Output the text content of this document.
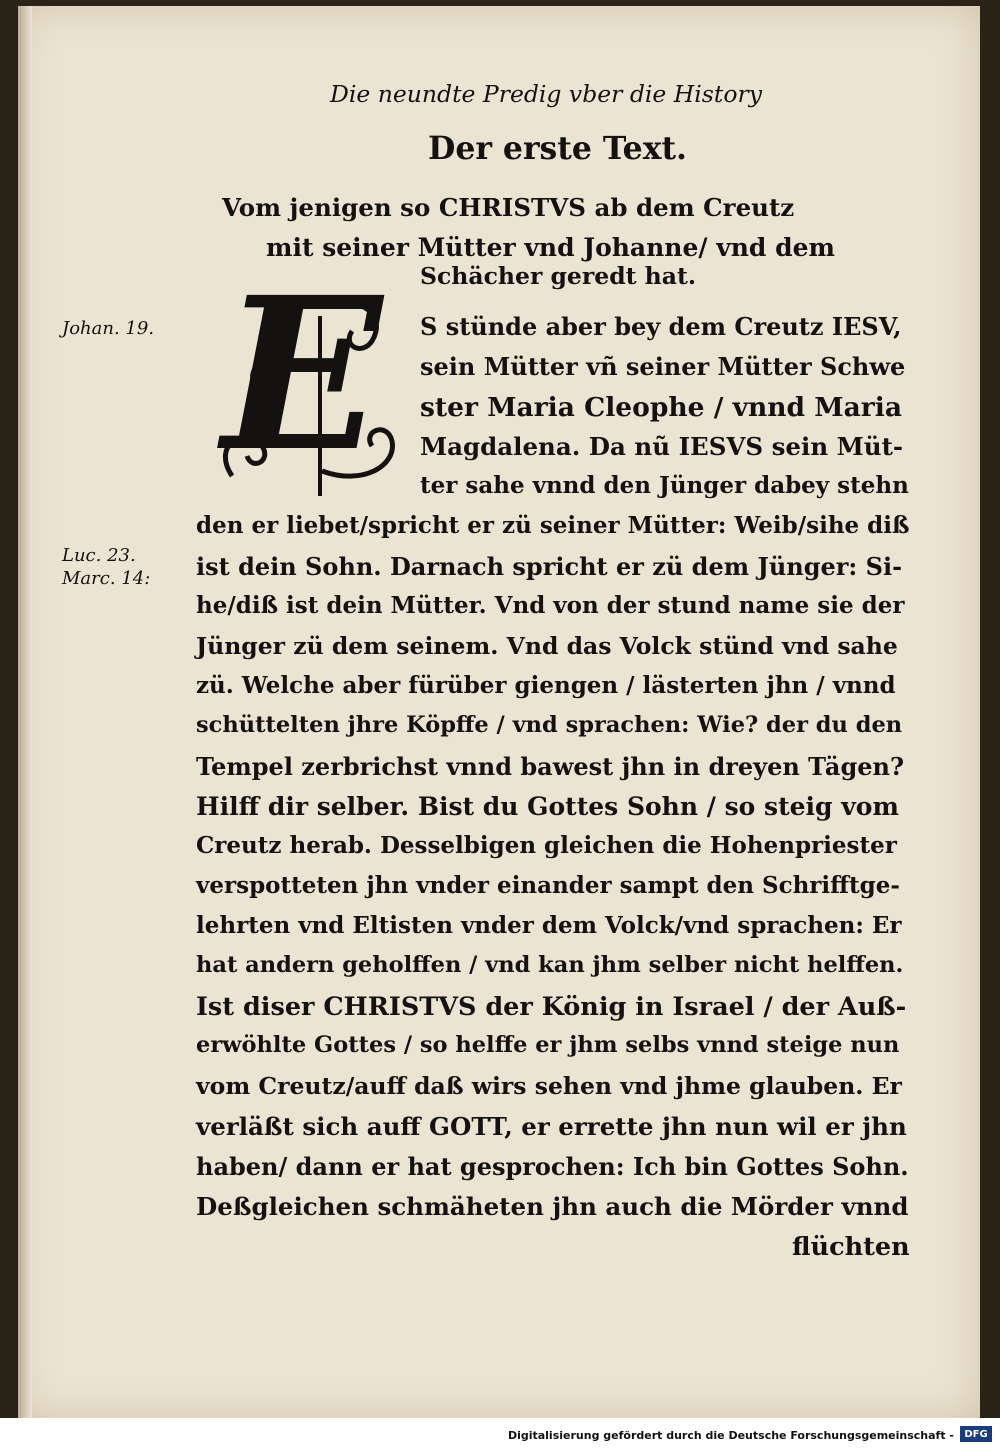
Die neundte Predig vber die History
Der erste Text.
Vom jenigen so CHRISTVS ab dem Creutz
mit seiner Mütter vnd Johanne/ vnd dem
Schächer geredt hat.
Johan. 19.
Luc. 23.
Marc. 14:
E S stünde aber bey dem Creutz IESV,
sein Mütter vñ seiner Mütter Schwe
ster Maria Cleophe / vnnd Maria
Magdalena. Da nũ IESVS sein Müt-
ter sahe vnnd den Jünger dabey stehn
den er liebet/spricht er zü seiner Mütter: Weib/sihe diß
ist dein Sohn. Darnach spricht er zü dem Jünger: Si-
he/diß ist dein Mütter. Vnd von der stund name sie der
Jünger zü dem seinem. Vnd das Volck stünd vnd sahe
zü. Welche aber fürüber giengen / lästerten jhn / vnnd
schüttelten jhre Köpffe / vnd sprachen: Wie? der du den
Tempel zerbrichst vnnd bawest jhn in dreyen Tägen?
Hilff dir selber. Bist du Gottes Sohn / so steig vom
Creutz herab. Desselbigen gleichen die Hohenpriester
verspotteten jhn vnder einander sampt den Schrifftge-
lehrten vnd Eltisten vnder dem Volck/vnd sprachen: Er
hat andern geholffen / vnd kan jhm selber nicht helffen.
Ist diser CHRISTVS der König in Israel / der Auß-
erwöhlte Gottes / so helffe er jhm selbs vnnd steige nun
vom Creutz/auff daß wirs sehen vnd jhme glauben. Er
verläßt sich auff GOTT, er errette jhn nun wil er jhn
haben/ dann er hat gesprochen: Ich bin Gottes Sohn.
Deßgleichen schmäheten jhn auch die Mörder vnnd
flüchten
Digitalisierung gefördert durch die Deutsche Forschungsgemeinschaft -	DFG
